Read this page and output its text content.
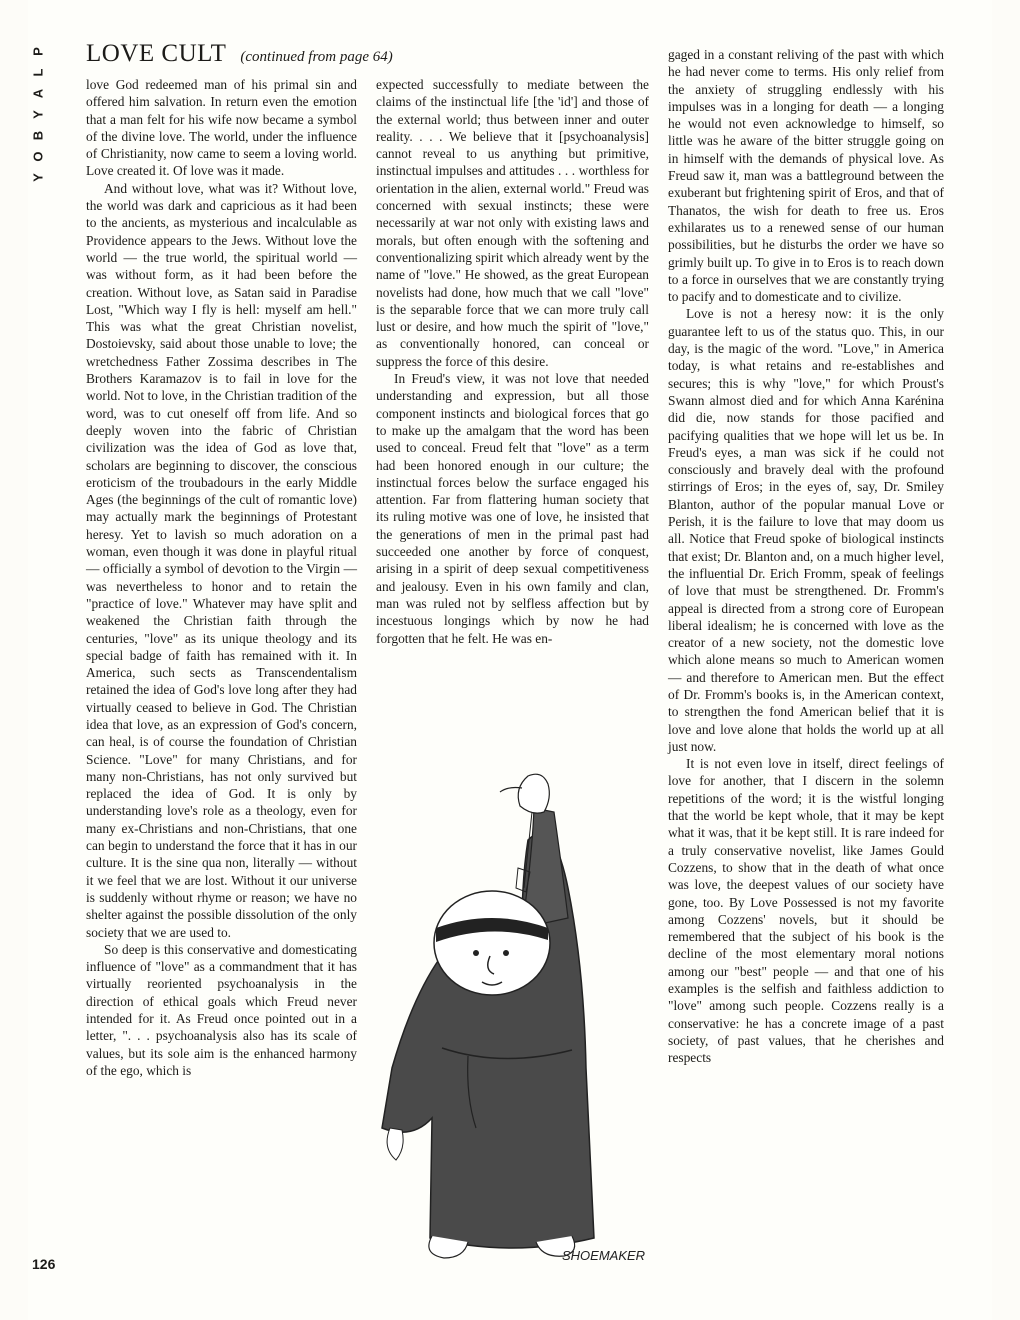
P
L
A
Y
B
O
Y
LOVE CULT (continued from page 64)

love God redeemed man of his primal sin and offered him salvation. In return even the emotion that a man felt for his wife now became a symbol of the divine love. The world, under the influence of Christianity, now came to seem a loving world. Love created it. Of love was it made.

And without love, what was it? Without love, the world was dark and capricious as it had been to the ancients, as mysterious and incalculable as Providence appears to the Jews. Without love the world — the true world, the spiritual world — was without form, as it had been before the creation. Without love, as Satan said in Paradise Lost, "Which way I fly is hell: myself am hell." This was what the great Christian novelist, Dostoievsky, said about those unable to love; the wretchedness Father Zossima describes in The Brothers Karamazov is to fail in love for the world. Not to love, in the Christian tradition of the word, was to cut oneself off from life. And so deeply woven into the fabric of Christian civilization was the idea of God as love that, scholars are beginning to discover, the conscious eroticism of the troubadours in the early Middle Ages (the beginnings of the cult of romantic love) may actually mark the beginnings of Protestant heresy. Yet to lavish so much adoration on a woman, even though it was done in playful ritual — officially a symbol of devotion to the Virgin — was nevertheless to honor and to retain the "practice of love." Whatever may have split and weakened the Christian faith through the centuries, "love" as its unique theology and its special badge of faith has remained with it. In America, such sects as Transcendentalism retained the idea of God's love long after they had virtually ceased to believe in God. The Christian idea that love, as an expression of God's concern, can heal, is of course the foundation of Christian Science. "Love" for many Christians, and for many non-Christians, has not only survived but replaced the idea of God. It is only by understanding love's role as a theology, even for many ex-Christians and non-Christians, that one can begin to understand the force that it has in our culture. It is the sine qua non, literally — without it we feel that we are lost. Without it our universe is suddenly without rhyme or reason; we have no shelter against the possible dissolution of the only society that we are used to.

So deep is this conservative and domesticating influence of "love" as a commandment that it has virtually reoriented psychoanalysis in the direction of ethical goals which Freud never intended for it. As Freud once pointed out in a letter, ". . . psychoanalysis also has its scale of values, but its sole aim is the enhanced harmony of the ego, which is

expected successfully to mediate between the claims of the instinctual life [the 'id'] and those of the external world; thus between inner and outer reality. . . . We believe that it [psychoanalysis] cannot reveal to us anything but primitive, instinctual impulses and attitudes . . . worthless for orientation in the alien, external world." Freud was concerned with sexual instincts; these were necessarily at war not only with existing laws and morals, but often enough with the softening and conventionalizing spirit which already went by the name of "love." He showed, as the great European novelists had done, how much that we call "love" is the separable force that we can more truly call lust or desire, and how much the spirit of "love," as conventionally honored, can conceal or suppress the force of this desire.

In Freud's view, it was not love that needed understanding and expression, but all those component instincts and biological forces that go to make up the amalgam that the word has been used to conceal. Freud felt that "love" as a term had been honored enough in our culture; the instinctual forces below the surface engaged his attention. Far from flattering human society that its ruling motive was one of love, he insisted that the generations of men in the primal past had succeeded one another by force of conquest, arising in a spirit of deep sexual competitiveness and jealousy. Even in his own family and clan, man was ruled not by selfless affection but by incestuous longings which by now he had forgotten that he felt. He was en-

gaged in a constant reliving of the past with which he had never come to terms. His only relief from the anxiety of struggling endlessly with his impulses was in a longing for death — a longing he would not even acknowledge to himself, so little was he aware of the bitter struggle going on in himself with the demands of physical love. As Freud saw it, man was a battleground between the exuberant but frightening spirit of Eros, and that of Thanatos, the wish for death to free us. Eros exhilarates us to a renewed sense of our human possibilities, but he disturbs the order we have so grimly built up. To give in to Eros is to reach down to a force in ourselves that we are constantly trying to pacify and to domesticate and to civilize.

Love is not a heresy now: it is the only guarantee left to us of the status quo. This, in our day, is the magic of the word. "Love," in America today, is what retains and re-establishes and secures; this is why "love," for which Proust's Swann almost died and for which Anna Karénina did die, now stands for those pacified and pacifying qualities that we hope will let us be. In Freud's eyes, a man was sick if he could not consciously and bravely deal with the profound stirrings of Eros; in the eyes of, say, Dr. Smiley Blanton, author of the popular manual Love or Perish, it is the failure to love that may doom us all. Notice that Freud spoke of biological instincts that exist; Dr. Blanton and, on a much higher level, the influential Dr. Erich Fromm, speak of feelings of love that must be strengthened. Dr. Fromm's appeal is directed from a strong core of European liberal idealism; he is concerned with love as the creator of a new society, not the domestic love which alone means so much to American women — and therefore to American men. But the effect of Dr. Fromm's books is, in the American context, to strengthen the fond American belief that it is love and love alone that holds the world up at all just now.

It is not even love in itself, direct feelings of love for another, that I discern in the solemn repetitions of the word; it is the wistful longing that the world be kept whole, that it may be kept what it was, that it be kept still. It is rare indeed for a truly conservative novelist, like James Gould Cozzens, to show that in the death of what once was love, the deepest values of our society have gone, too. By Love Possessed is not my favorite among Cozzens' novels, but it should be remembered that the subject of his book is the decline of the most elementary moral notions among our "best" people — and that one of his examples is the selfish and faithless addiction to "love" among such people. Cozzens really is a conservative: he has a concrete image of a past society, of past values, that he cherishes and respects

SHOEMAKER
126
